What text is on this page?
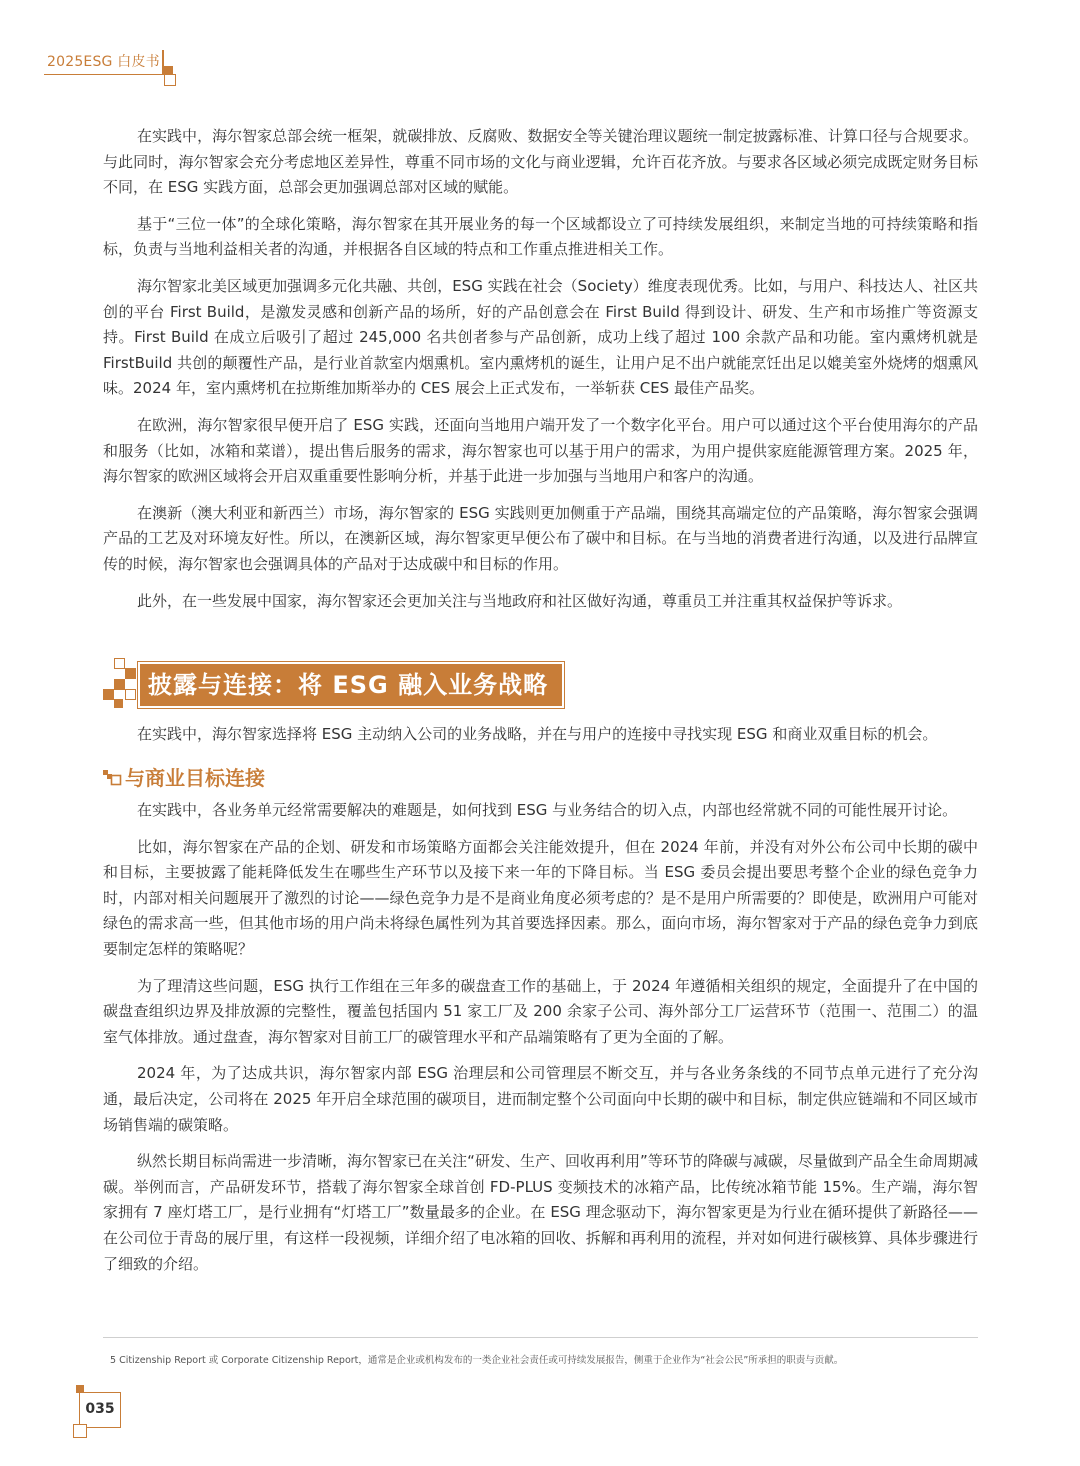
2025ESG 白皮书

在实践中，海尔智家总部会统一框架，就碳排放、反腐败、数据安全等关键治理议题统一制定披露标准、计算口径与合规要求。与此同时，海尔智家会充分考虑地区差异性，尊重不同市场的文化与商业逻辑，允许百花齐放。与要求各区域必须完成既定财务目标不同，在 ESG 实践方面，总部会更加强调总部对区域的赋能。

基于“三位一体”的全球化策略，海尔智家在其开展业务的每一个区域都设立了可持续发展组织，来制定当地的可持续策略和指标，负责与当地利益相关者的沟通，并根据各自区域的特点和工作重点推进相关工作。

海尔智家北美区域更加强调多元化共融、共创，ESG 实践在社会（Society）维度表现优秀。比如，与用户、科技达人、社区共创的平台 First Build，是激发灵感和创新产品的场所，好的产品创意会在 First Build 得到设计、研发、生产和市场推广等资源支持。First Build 在成立后吸引了超过 245,000 名共创者参与产品创新，成功上线了超过 100 余款产品和功能。室内熏烤机就是 FirstBuild 共创的颠覆性产品，是行业首款室内烟熏机。室内熏烤机的诞生，让用户足不出户就能烹饪出足以媲美室外烧烤的烟熏风味。2024 年，室内熏烤机在拉斯维加斯举办的 CES 展会上正式发布，一举斩获 CES 最佳产品奖。

在欧洲，海尔智家很早便开启了 ESG 实践，还面向当地用户端开发了一个数字化平台。用户可以通过这个平台使用海尔的产品和服务（比如，冰箱和菜谱），提出售后服务的需求，海尔智家也可以基于用户的需求，为用户提供家庭能源管理方案。2025 年，海尔智家的欧洲区域将会开启双重重要性影响分析，并基于此进一步加强与当地用户和客户的沟通。

在澳新（澳大利亚和新西兰）市场，海尔智家的 ESG 实践则更加侧重于产品端，围绕其高端定位的产品策略，海尔智家会强调产品的工艺及对环境友好性。所以，在澳新区域，海尔智家更早便公布了碳中和目标。在与当地的消费者进行沟通，以及进行品牌宣传的时候，海尔智家也会强调具体的产品对于达成碳中和目标的作用。

此外，在一些发展中国家，海尔智家还会更加关注与当地政府和社区做好沟通，尊重员工并注重其权益保护等诉求。

披露与连接：将 ESG 融入业务战略

在实践中，海尔智家选择将 ESG 主动纳入公司的业务战略，并在与用户的连接中寻找实现 ESG 和商业双重目标的机会。

与商业目标连接

在实践中，各业务单元经常需要解决的难题是，如何找到 ESG 与业务结合的切入点，内部也经常就不同的可能性展开讨论。

比如，海尔智家在产品的企划、研发和市场策略方面都会关注能效提升，但在 2024 年前，并没有对外公布公司中长期的碳中和目标，主要披露了能耗降低发生在哪些生产环节以及接下来一年的下降目标。当 ESG 委员会提出要思考整个企业的绿色竞争力时，内部对相关问题展开了激烈的讨论——绿色竞争力是不是商业角度必须考虑的？是不是用户所需要的？即使是，欧洲用户可能对绿色的需求高一些，但其他市场的用户尚未将绿色属性列为其首要选择因素。那么，面向市场，海尔智家对于产品的绿色竞争力到底要制定怎样的策略呢？

为了理清这些问题，ESG 执行工作组在三年多的碳盘查工作的基础上，于 2024 年遵循相关组织的规定，全面提升了在中国的碳盘查组织边界及排放源的完整性，覆盖包括国内 51 家工厂及 200 余家子公司、海外部分工厂运营环节（范围一、范围二）的温室气体排放。通过盘查，海尔智家对目前工厂的碳管理水平和产品端策略有了更为全面的了解。

2024 年，为了达成共识，海尔智家内部 ESG 治理层和公司管理层不断交互，并与各业务条线的不同节点单元进行了充分沟通，最后决定，公司将在 2025 年开启全球范围的碳项目，进而制定整个公司面向中长期的碳中和目标，制定供应链端和不同区域市场销售端的碳策略。

纵然长期目标尚需进一步清晰，海尔智家已在关注“研发、生产、回收再利用”等环节的降碳与减碳，尽量做到产品全生命周期减碳。举例而言，产品研发环节，搭载了海尔智家全球首创 FD-PLUS 变频技术的冰箱产品，比传统冰箱节能 15%。生产端，海尔智家拥有 7 座灯塔工厂，是行业拥有“灯塔工厂”数量最多的企业。在 ESG 理念驱动下，海尔智家更是为行业在循环提供了新路径——在公司位于青岛的展厅里，有这样一段视频，详细介绍了电冰箱的回收、拆解和再利用的流程，并对如何进行碳核算、具体步骤进行了细致的介绍。

5 Citizenship Report 或 Corporate Citizenship Report，通常是企业或机构发布的一类企业社会责任或可持续发展报告，侧重于企业作为“社会公民”所承担的职责与贡献。
035
